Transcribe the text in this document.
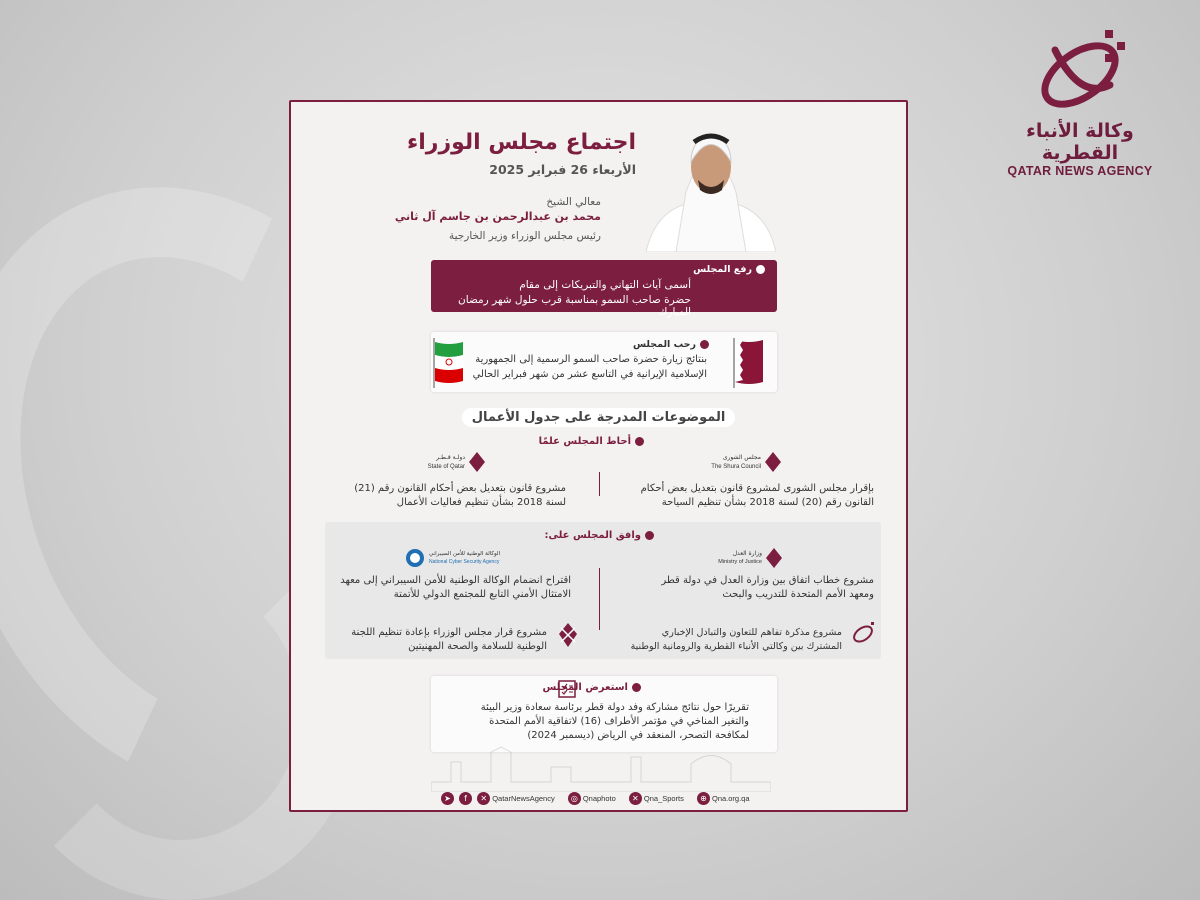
وكالة الأنباء القطرية
QATAR NEWS AGENCY
اجتماع مجلس الوزراء
الأربعاء 26 فبراير 2025
معالي الشيخ
محمد بن عبدالرحمن بن جاسم آل ثاني
رئيس مجلس الوزراء وزير الخارجية
رفع المجلس
أسمى آيات التهاني والتبريكات إلى مقام
حضرة صاحب السمو بمناسبة قرب حلول شهر رمضان المبارك
رحب المجلس
بنتائج زيارة حضرة صاحب السمو الرسمية إلى الجمهورية
الإسلامية الإيرانية في التاسع عشر من شهر فبراير الحالي
الموضوعات المدرجة على جدول الأعمال
أحاط المجلس علمًا
مجلس الشورى
The Shura Council
بإقرار مجلس الشورى لمشروع قانون بتعديل بعض أحكام
القانون رقم (20) لسنة 2018 بشأن تنظيم السياحة
دولـة قـطـر
State of Qatar
مشروع قانون بتعديل بعض أحكام القانون رقم (21)
لسنة 2018 بشأن تنظيم فعاليات الأعمال
وافق المجلس على:
وزارة العدل
Ministry of Justice
مشروع خطاب اتفاق بين وزارة العدل في دولة قطر
ومعهد الأمم المتحدة للتدريب والبحث
الوكالة الوطنية للأمن السيبراني
National Cyber Security Agency
اقتراح انضمام الوكالة الوطنية للأمن السيبراني إلى معهد
الامتثال الأمني التابع للمجتمع الدولي للأتمتة
مشروع مذكرة تفاهم للتعاون والتبادل الإخباري
المشترك بين وكالتي الأنباء القطرية والرومانية الوطنية
مشروع قرار مجلس الوزراء بإعادة تنظيم اللجنة
الوطنية للسلامة والصحة المهنيتين
استعرض المجلس
تقريرًا حول نتائج مشاركة وفد دولة قطر برئاسة سعادة وزير البيئة
والتغير المناخي في مؤتمر الأطراف (16) لاتفاقية الأمم المتحدة
لمكافحة التصحر، المنعقد في الرياض (ديسمبر 2024)
➤ f ✕ QatarNewsAgency ◎ Qnaphoto ✕ Qna_Sports ⊕ Qna.org.qa
